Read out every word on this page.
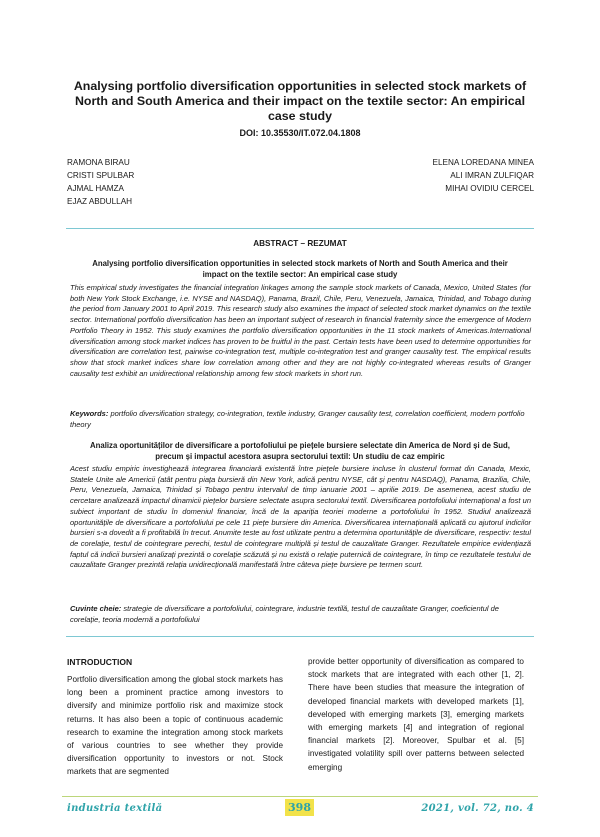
Analysing portfolio diversification opportunities in selected stock markets of North and South America and their impact on the textile sector: An empirical case study
DOI: 10.35530/IT.072.04.1808
RAMONA BIRAU
CRISTI SPULBAR
AJMAL HAMZA
EJAZ ABDULLAH
ELENA LOREDANA MINEA
ALI IMRAN ZULFIQAR
MIHAI OVIDIU CERCEL
ABSTRACT – REZUMAT
Analysing portfolio diversification opportunities in selected stock markets of North and South America and their impact on the textile sector: An empirical case study
This empirical study investigates the financial integration linkages among the sample stock markets of Canada, Mexico, United States (for both New York Stock Exchange, i.e. NYSE and NASDAQ), Panama, Brazil, Chile, Peru, Venezuela, Jamaica, Trinidad, and Tobago during the period from January 2001 to April 2019. This research study also examines the impact of selected stock market dynamics on the textile sector. International portfolio diversification has been an important subject of research in financial fraternity since the emergence of Modern Portfolio Theory in 1952. This study examines the portfolio diversification opportunities in the 11 stock markets of Americas.International diversification among stock market indices has proven to be fruitful in the past. Certain tests have been used to determine opportunities for diversification are correlation test, pairwise co-integration test, multiple co-integration test and granger causality test. The empirical results show that stock market indices share low correlation among other and they are not highly co-integrated whereas results of Granger causality test exhibit an unidirectional relationship among few stock markets in short run.
Keywords: portfolio diversification strategy, co-integration, textile industry, Granger causality test, correlation coefficient, modern portfolio theory
Analiza oportunităților de diversificare a portofoliului pe piețele bursiere selectate din America de Nord și de Sud, precum și impactul acestora asupra sectorului textil: Un studiu de caz empiric
Acest studiu empiric investighează integrarea financiară existentă între piețele bursiere incluse în clusterul format din Canada, Mexic, Statele Unite ale Americii (atât pentru piața bursieră din New York, adică pentru NYSE, cât și pentru NASDAQ), Panama, Brazilia, Chile, Peru, Venezuela, Jamaica, Trinidad și Tobago pentru intervalul de timp ianuarie 2001 – aprilie 2019. De asemenea, acest studiu de cercetare analizează impactul dinamicii piețelor bursiere selectate asupra sectorului textil. Diversificarea portofoliului internațional a fost un subiect important de studiu în domeniul financiar, încă de la apariția teoriei moderne a portofoliului în 1952. Studiul analizează oportunitățile de diversificare a portofoliului pe cele 11 piețe bursiere din America. Diversificarea internațională aplicată cu ajutorul indicilor bursieri s-a dovedit a fi profitabilă în trecut. Anumite teste au fost utilizate pentru a determina oportunitățile de diversificare, respectiv: testul de corelație, testul de cointegrare perechi, testul de cointegrare multiplă și testul de cauzalitate Granger. Rezultatele empirice evidențiază faptul că indicii bursieri analizați prezintă o corelație scăzută și nu există o relație puternică de cointegrare, în timp ce rezultatele testului de cauzalitate Granger prezintă relația unidirecțională manifestată între câteva piețe bursiere pe termen scurt.
Cuvinte cheie: strategie de diversificare a portofoliului, cointegrare, industrie textilă, testul de cauzalitate Granger, coeficientul de corelație, teoria modernă a portofoliului
INTRODUCTION
Portfolio diversification among the global stock markets has long been a prominent practice among investors to diversify and minimize portfolio risk and maximize stock returns. It has also been a topic of continuous academic research to examine the integration among stock markets of various countries to see whether they provide diversification opportunity to investors or not. Stock markets that are segmented
provide better opportunity of diversification as compared to stock markets that are integrated with each other [1, 2]. There have been studies that measure the integration of developed financial markets with developed markets [1], developed with emerging markets [3], emerging markets with emerging markets [4] and integration of regional financial markets [2]. Moreover, Spulbar et al. [5] investigated volatility spill over patterns between selected emerging
industria textilă	398	2021, vol. 72, no. 4
